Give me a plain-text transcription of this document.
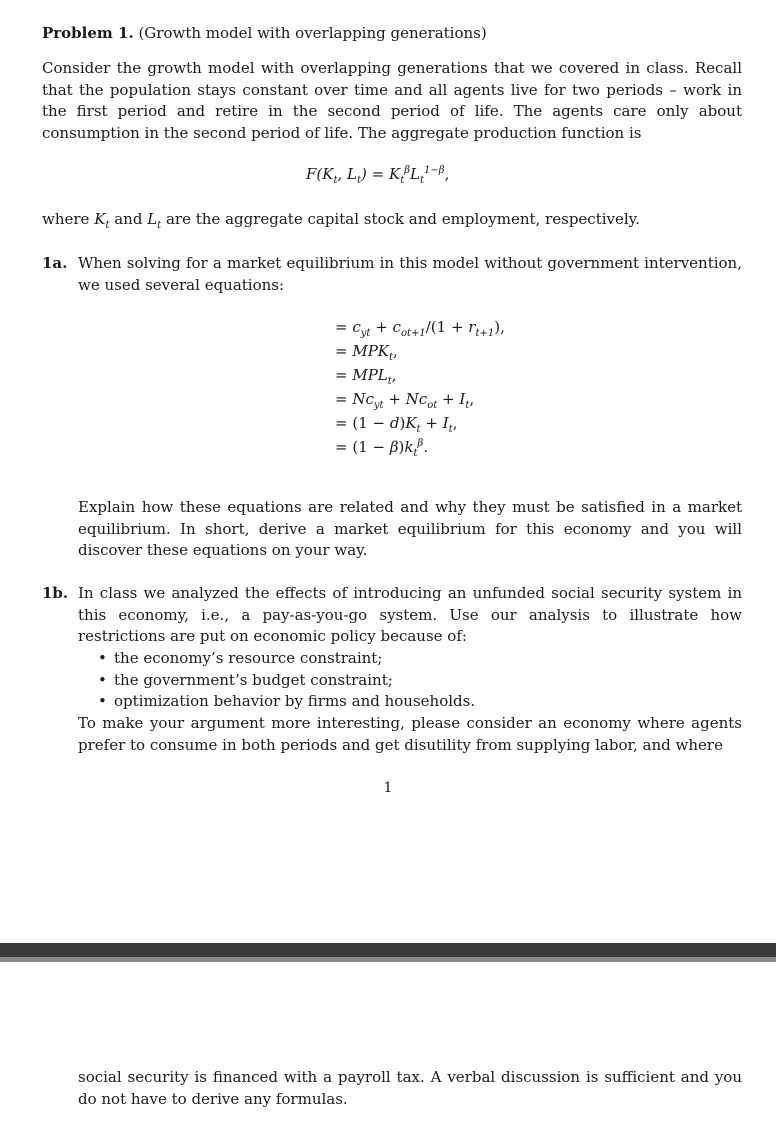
Problem 1. (Growth model with overlapping generations)
Consider the growth model with overlapping generations that we covered in class. Recall that the population stays constant over time and all agents live for two periods – work in the first period and retire in the second period of life. The agents care only about consumption in the second period of life. The aggregate production function is
$F(K_t$, $L_t) = K_t^\beta L_t^{1-\beta}$,
where $K_t$ and $L_t$ are the aggregate capital stock and employment, respectively.
1a. When solving for a market equilibrium in this model without government intervention, we used several equations:
= $c_{yt} + c_{ot+1}/(1 + r_{t+1})$,
= $MPK_t$,
= $MPL_t$,
= $Nc_{yt} + Nc_{ot} + I_t$,
= $(1 - d)K_t + I_t$,
= $(1 - \beta)k_t^\beta$.
Explain how these equations are related and why they must be satisfied in a market equilibrium. In short, derive a market equilibrium for this economy and you will discover these equations on your way.
1b. In class we analyzed the effects of introducing an unfunded social security system in this economy, i.e., a pay-as-you-go system. Use our analysis to illustrate how restrictions are put on economic policy because of:
• the economy’s resource constraint;
• the government’s budget constraint;
• optimization behavior by firms and households.
To make your argument more interesting, please consider an economy where agents prefer to consume in both periods and get disutility from supplying labor, and where
1
social security is financed with a payroll tax. A verbal discussion is sufficient and you do not have to derive any formulas.
